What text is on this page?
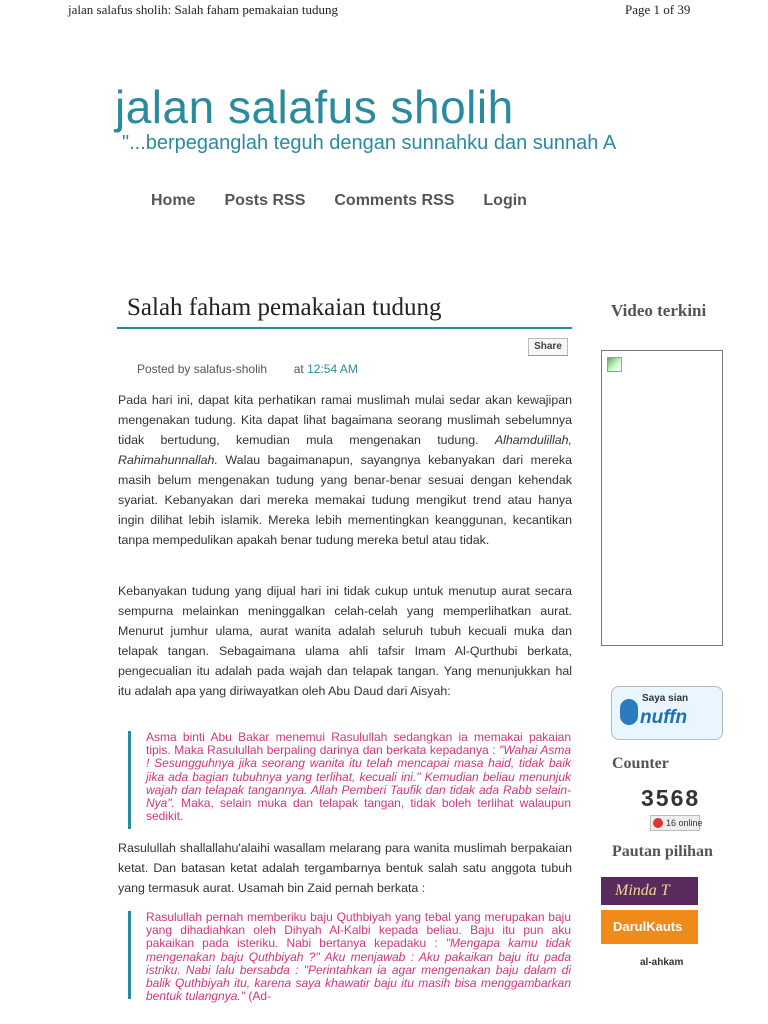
jalan salafus sholih: Salah faham pemakaian tudung	Page 1 of 39
jalan salafus sholih
"...berpeganglah teguh dengan sunnahku dan sunnah A
Home Posts RSS Comments RSS Login
Salah faham pemakaian tudung
Share

Posted by salafus-sholih at 12:54 AM
Pada hari ini, dapat kita perhatikan ramai muslimah mulai sedar akan kewajipan mengenakan tudung. Kita dapat lihat bagaimana seorang muslimah sebelumnya tidak bertudung, kemudian mula mengenakan tudung. Alhamdulillah, Rahimahunnallah. Walau bagaimanapun, sayangnya kebanyakan dari mereka masih belum mengenakan tudung yang benar-benar sesuai dengan kehendak syariat. Kebanyakan dari mereka memakai tudung mengikut trend atau hanya ingin dilihat lebih islamik. Mereka lebih mementingkan keanggunan, kecantikan tanpa mempedulikan apakah benar tudung mereka betul atau tidak.
Kebanyakan tudung yang dijual hari ini tidak cukup untuk menutup aurat secara sempurna melainkan meninggalkan celah-celah yang memperlihatkan aurat. Menurut jumhur ulama, aurat wanita adalah seluruh tubuh kecuali muka dan telapak tangan. Sebagaimana ulama ahli tafsir Imam Al-Qurthubi berkata, pengecualian itu adalah pada wajah dan telapak tangan. Yang menunjukkan hal itu adalah apa yang diriwayatkan oleh Abu Daud dari Aisyah:
Asma binti Abu Bakar menemui Rasulullah sedangkan ia memakai pakaian tipis. Maka Rasulullah berpaling darinya dan berkata kepadanya : "Wahai Asma ! Sesungguhnya jika seorang wanita itu telah mencapai masa haid, tidak baik jika ada bagian tubuhnya yang terlihat, kecuali ini." Kemudian beliau menunjuk wajah dan telapak tangannya. Allah Pemberi Taufik dan tidak ada Rabb selain-Nya". Maka, selain muka dan telapak tangan, tidak boleh terlihat walaupun sedikit.
Rasulullah shallallahu'alaihi wasallam melarang para wanita muslimah berpakaian ketat. Dan batasan ketat adalah tergambarnya bentuk salah satu anggota tubuh yang termasuk aurat. Usamah bin Zaid pernah berkata :
Rasulullah pernah memberiku baju Quthbiyah yang tebal yang merupakan baju yang dihadiahkan oleh Dihyah Al-Kalbi kepada beliau. Baju itu pun aku pakaikan pada isteriku. Nabi bertanya kepadaku : "Mengapa kamu tidak mengenakan baju Quthbiyah ?" Aku menjawab : Aku pakaikan baju itu pada istriku. Nabi lalu bersabda : "Perintahkan ia agar mengenakan baju dalam di balik Quthbiyah itu, karena saya khawatir baju itu masih bisa menggambarkan bentuk tulangnya." (Ad-
Video terkini
Saya sian
nuffn
Counter
3568
16 online
Pautan pilihan
Minda T
DarulKauts
al-ahkam
